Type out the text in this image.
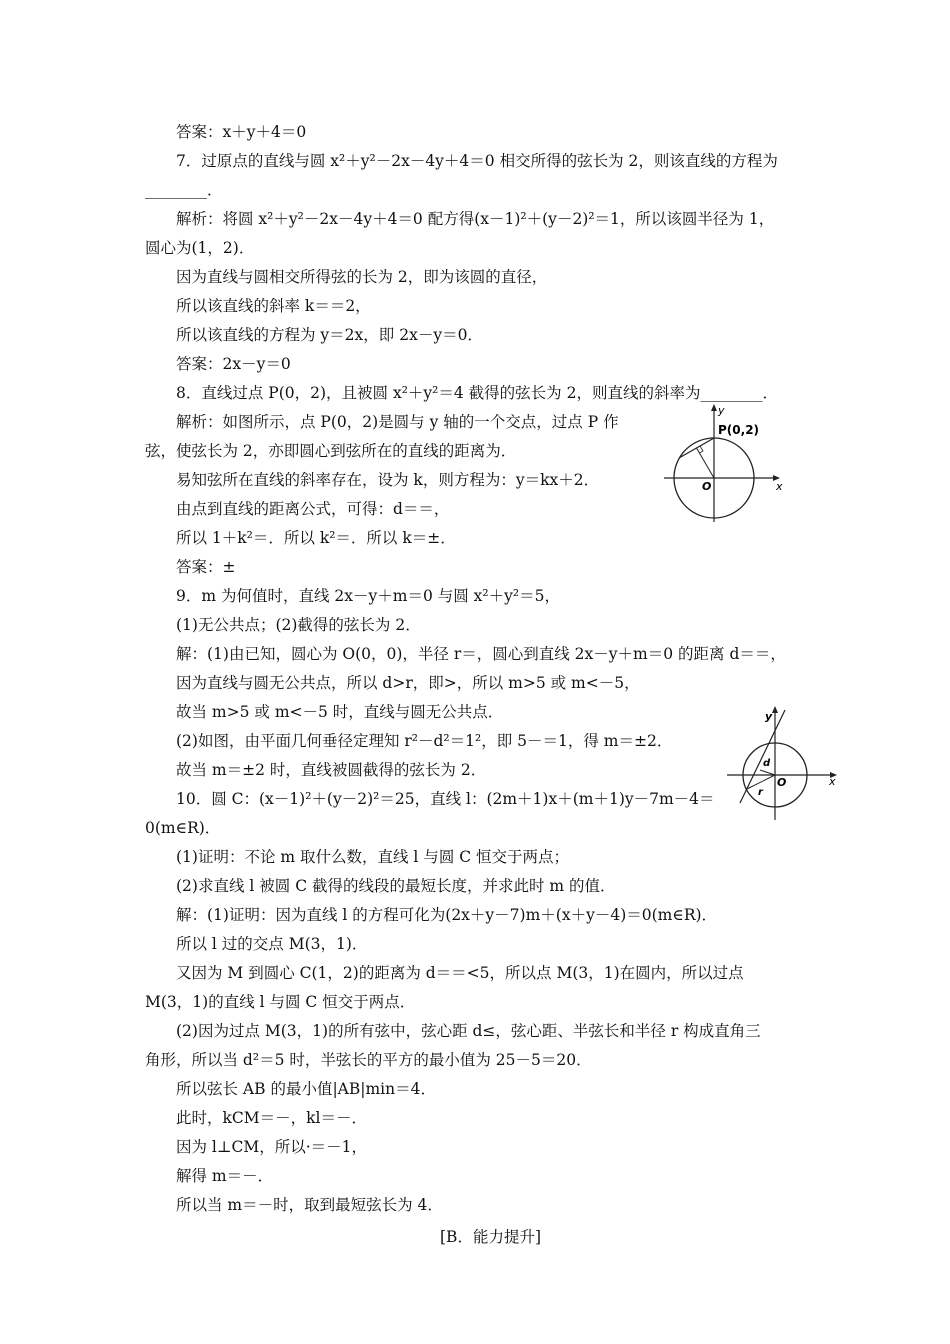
答案：x＋y＋4＝0
7．过原点的直线与圆 x²＋y²－2x－4y＋4＝0 相交所得的弦长为 2，则该直线的方程为
________．
解析：将圆 x²＋y²－2x－4y＋4＝0 配方得(x－1)²＋(y－2)²＝1，所以该圆半径为 1，
圆心为(1，2)．
因为直线与圆相交所得弦的长为 2，即为该圆的直径，
所以该直线的斜率 k＝＝2，
所以该直线的方程为 y＝2x，即 2x－y＝0．
答案：2x－y＝0
8．直线过点 P(0，2)，且被圆 x²＋y²＝4 截得的弦长为 2，则直线的斜率为________．
解析：如图所示，点 P(0，2)是圆与 y 轴的一个交点，过点 P 作
弦，使弦长为 2，亦即圆心到弦所在的直线的距离为．
易知弦所在直线的斜率存在，设为 k，则方程为：y＝kx＋2．
由点到直线的距离公式，可得：d＝＝，
所以 1＋k²＝．所以 k²＝．所以 k＝±．
答案：±
9．m 为何值时，直线 2x－y＋m＝0 与圆 x²＋y²＝5，
(1)无公共点；(2)截得的弦长为 2．
解：(1)由已知，圆心为 O(0，0)，半径 r＝，圆心到直线 2x－y＋m＝0 的距离 d＝＝，
因为直线与圆无公共点，所以 d>r，即>，所以 m>5 或 m<－5，
故当 m>5 或 m<－5 时，直线与圆无公共点．
(2)如图，由平面几何垂径定理知 r²－d²＝1²，即 5－＝1，得 m＝±2．
故当 m＝±2 时，直线被圆截得的弦长为 2．
10．圆 C：(x－1)²＋(y－2)²＝25，直线 l：(2m＋1)x＋(m＋1)y－7m－4＝
0(m∈R)．
(1)证明：不论 m 取什么数，直线 l 与圆 C 恒交于两点；
(2)求直线 l 被圆 C 截得的线段的最短长度，并求此时 m 的值．
解：(1)证明：因为直线 l 的方程可化为(2x＋y－7)m＋(x＋y－4)＝0(m∈R)．
所以 l 过的交点 M(3，1)．
又因为 M 到圆心 C(1，2)的距离为 d＝＝<5，所以点 M(3，1)在圆内，所以过点
M(3，1)的直线 l 与圆 C 恒交于两点．
(2)因为过点 M(3，1)的所有弦中，弦心距 d≤，弦心距、半弦长和半径 r 构成直角三
角形，所以当 d²＝5 时，半弦长的平方的最小值为 25－5＝20．
所以弦长 AB 的最小值|AB|min＝4．
此时，kCM＝－，kl＝－．
因为 l⊥CM，所以·＝－1，
解得 m＝－．
所以当 m＝－时，取到最短弦长为 4．
[B．能力提升]
y
x
P(0,2)
O
y
x
d
r
O
